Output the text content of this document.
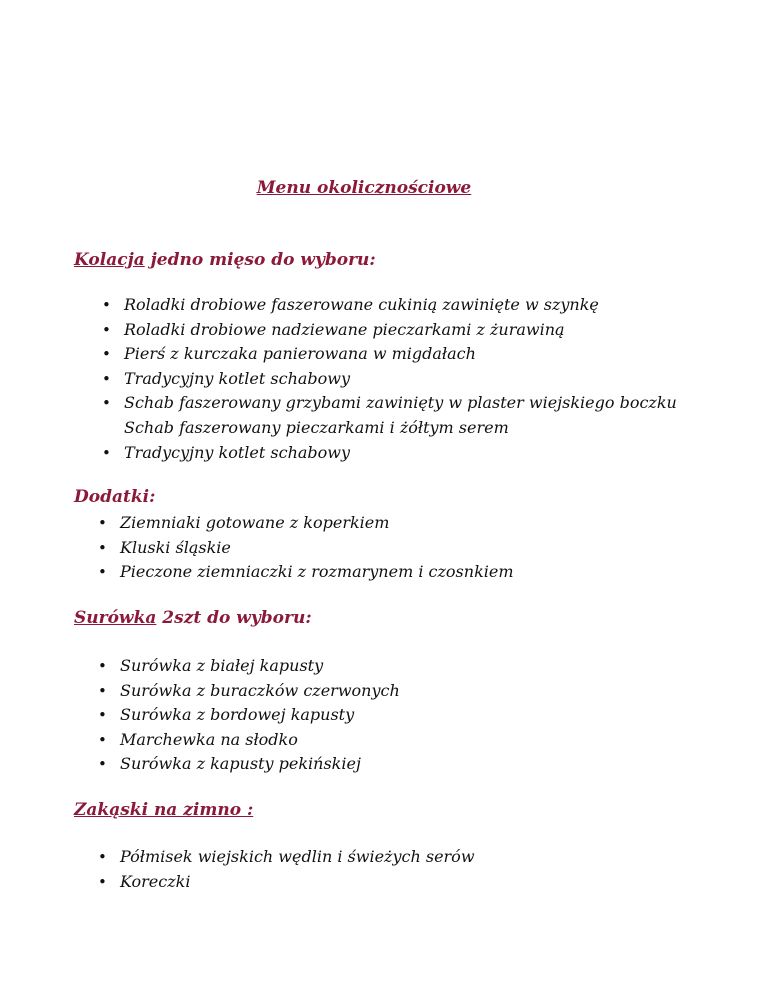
Menu okolicznościowe
Kolacja jedno mięso do wyboru:
• Roladki drobiowe faszerowane cukinią zawinięte w szynkę
• Roladki drobiowe nadziewane pieczarkami z żurawiną
• Pierś z kurczaka panierowana w migdałach
• Tradycyjny kotlet schabowy
• Schab faszerowany grzybami zawinięty w plaster wiejskiego boczku
Schab faszerowany pieczarkami i żółtym serem
• Tradycyjny kotlet schabowy
Dodatki:
• Ziemniaki gotowane z koperkiem
• Kluski śląskie
• Pieczone ziemniaczki z rozmarynem i czosnkiem
Surówka 2szt do wyboru:
• Surówka z białej kapusty
• Surówka z buraczków czerwonych
• Surówka z bordowej kapusty
• Marchewka na słodko
• Surówka z kapusty pekińskiej
Zakąski na zimno :
• Półmisek wiejskich wędlin i świeżych serów
• Koreczki
